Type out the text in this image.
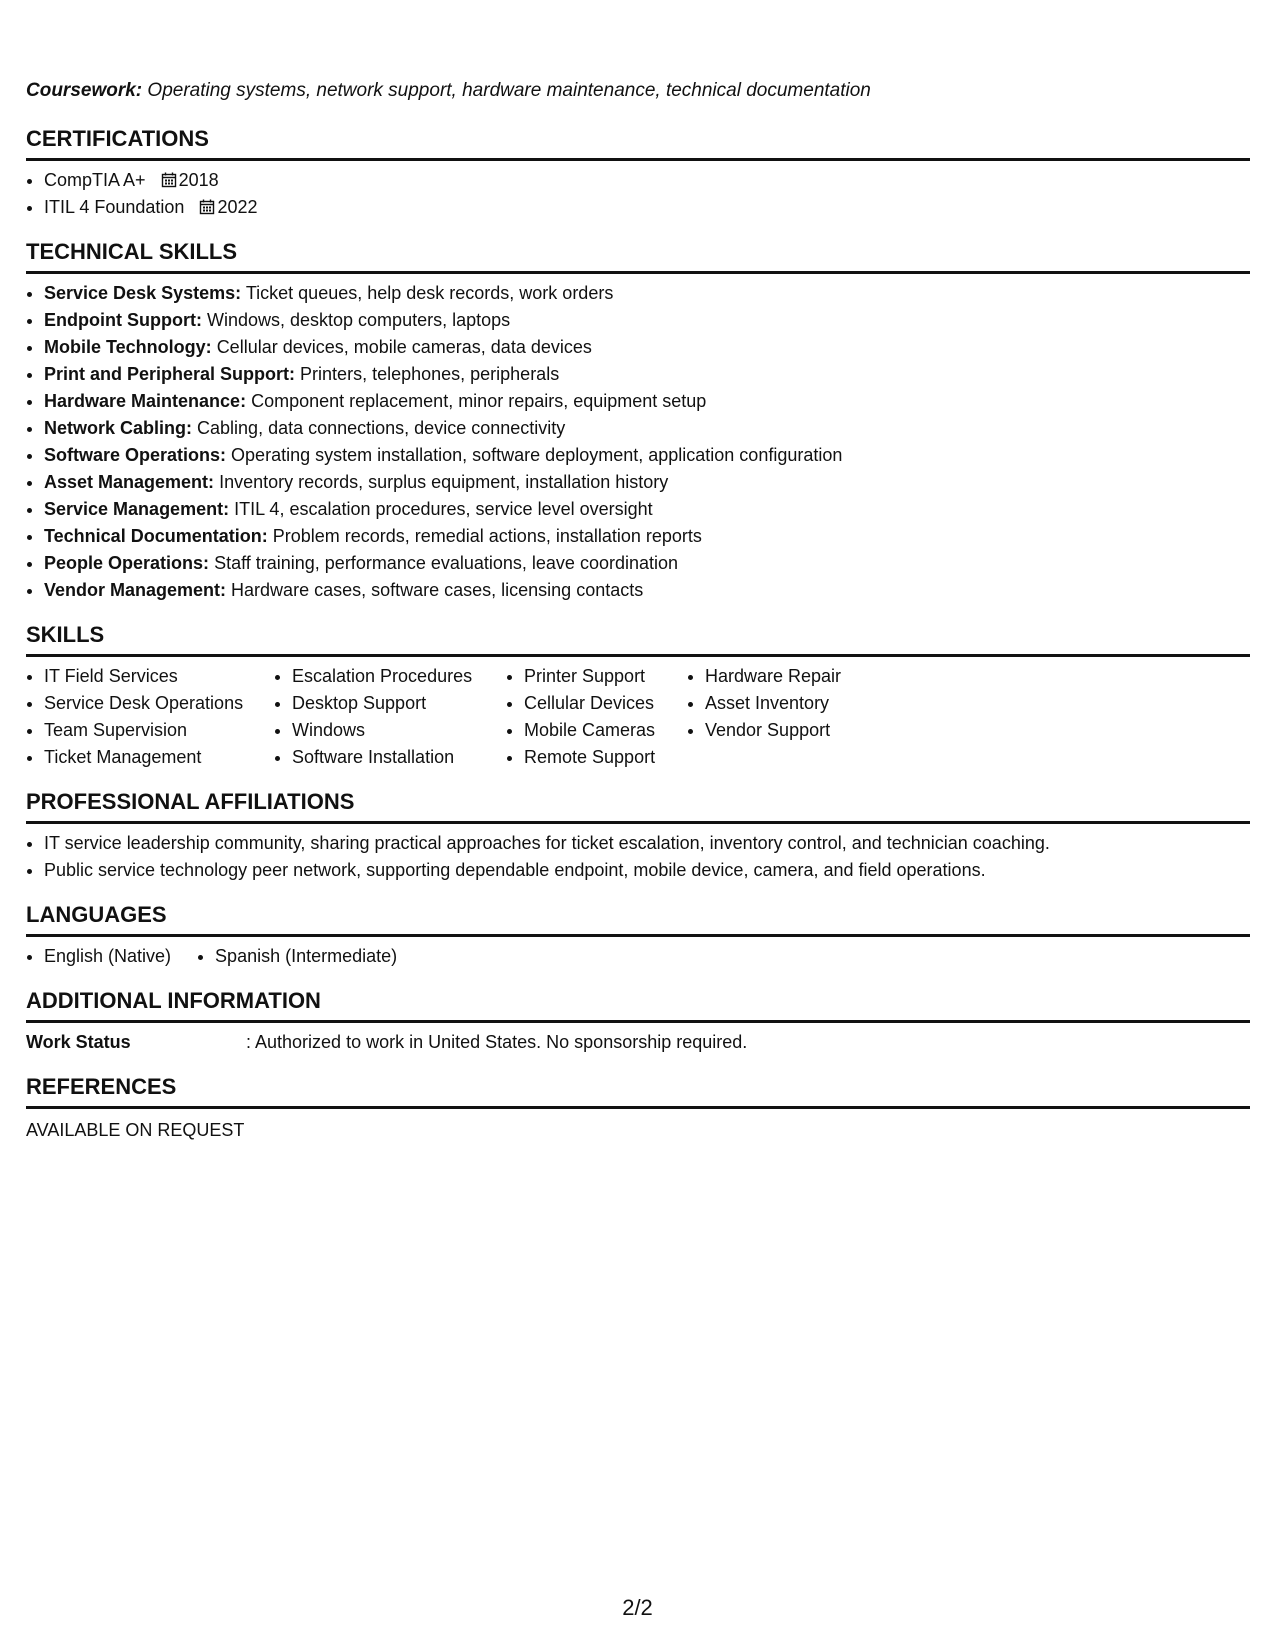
Coursework: Operating systems, network support, hardware maintenance, technical documentation

CERTIFICATIONS
• CompTIA A+ 2018
• ITIL 4 Foundation 2022
TECHNICAL SKILLS
• Service Desk Systems: Ticket queues, help desk records, work orders
• Endpoint Support: Windows, desktop computers, laptops
• Mobile Technology: Cellular devices, mobile cameras, data devices
• Print and Peripheral Support: Printers, telephones, peripherals
• Hardware Maintenance: Component replacement, minor repairs, equipment setup
• Network Cabling: Cabling, data connections, device connectivity
• Software Operations: Operating system installation, software deployment, application configuration
• Asset Management: Inventory records, surplus equipment, installation history
• Service Management: ITIL 4, escalation procedures, service level oversight
• Technical Documentation: Problem records, remedial actions, installation reports
• People Operations: Staff training, performance evaluations, leave coordination
• Vendor Management: Hardware cases, software cases, licensing contacts
SKILLS
• IT Field Services
• Service Desk Operations
• Team Supervision
• Ticket Management
• Escalation Procedures
• Desktop Support
• Windows
• Software Installation
• Printer Support
• Cellular Devices
• Mobile Cameras
• Remote Support
• Hardware Repair
• Asset Inventory
• Vendor Support
PROFESSIONAL AFFILIATIONS
• IT service leadership community, sharing practical approaches for ticket escalation, inventory control, and technician coaching.
• Public service technology peer network, supporting dependable endpoint, mobile device, camera, and field operations.
LANGUAGES
• English (Native)
• Spanish (Intermediate)
ADDITIONAL INFORMATION
Work Status	: Authorized to work in United States. No sponsorship required.
REFERENCES
AVAILABLE ON REQUEST
2/2
